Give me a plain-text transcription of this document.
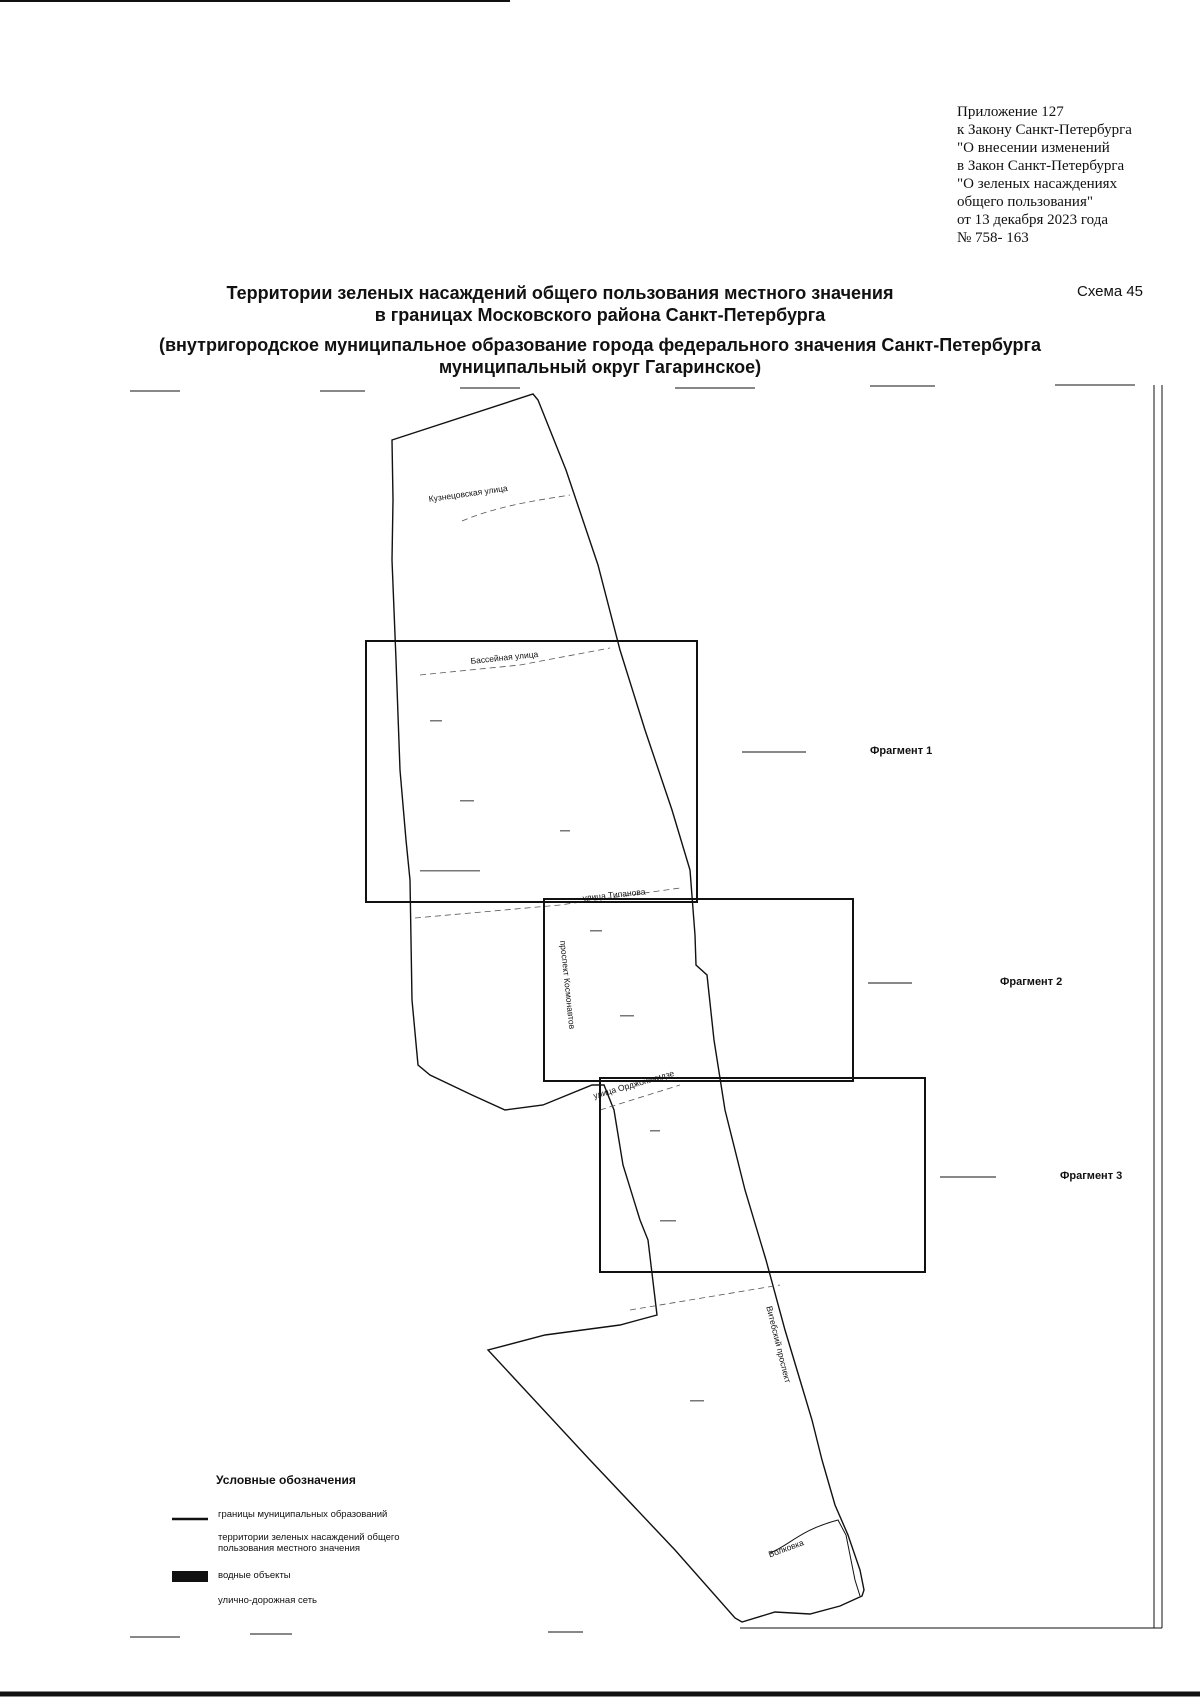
Приложение 127
к Закону Санкт-Петербурга
"О внесении изменений
в Закон Санкт-Петербурга
"О зеленых насаждениях
общего пользования"
от 13 декабря 2023 года
№ 758- 163
Территории зеленых насаждений общего пользования местного значения
в границах Московского района Санкт-Петербурга
Схема 45
(внутригородское муниципальное образование города федерального значения Санкт-Петербурга
муниципальный округ Гагаринское)
Кузнецовская улица
Бассейная улица
улица Типанова
проспект Космонавтов
улица Орджоникидзе
Витебский проспект
Волковка
Фрагмент 1
Фрагмент 2
Фрагмент 3
Условные обозначения
границы муниципальных образований
территории зеленых насаждений общего пользования местного значения
водные объекты
улично-дорожная сеть
